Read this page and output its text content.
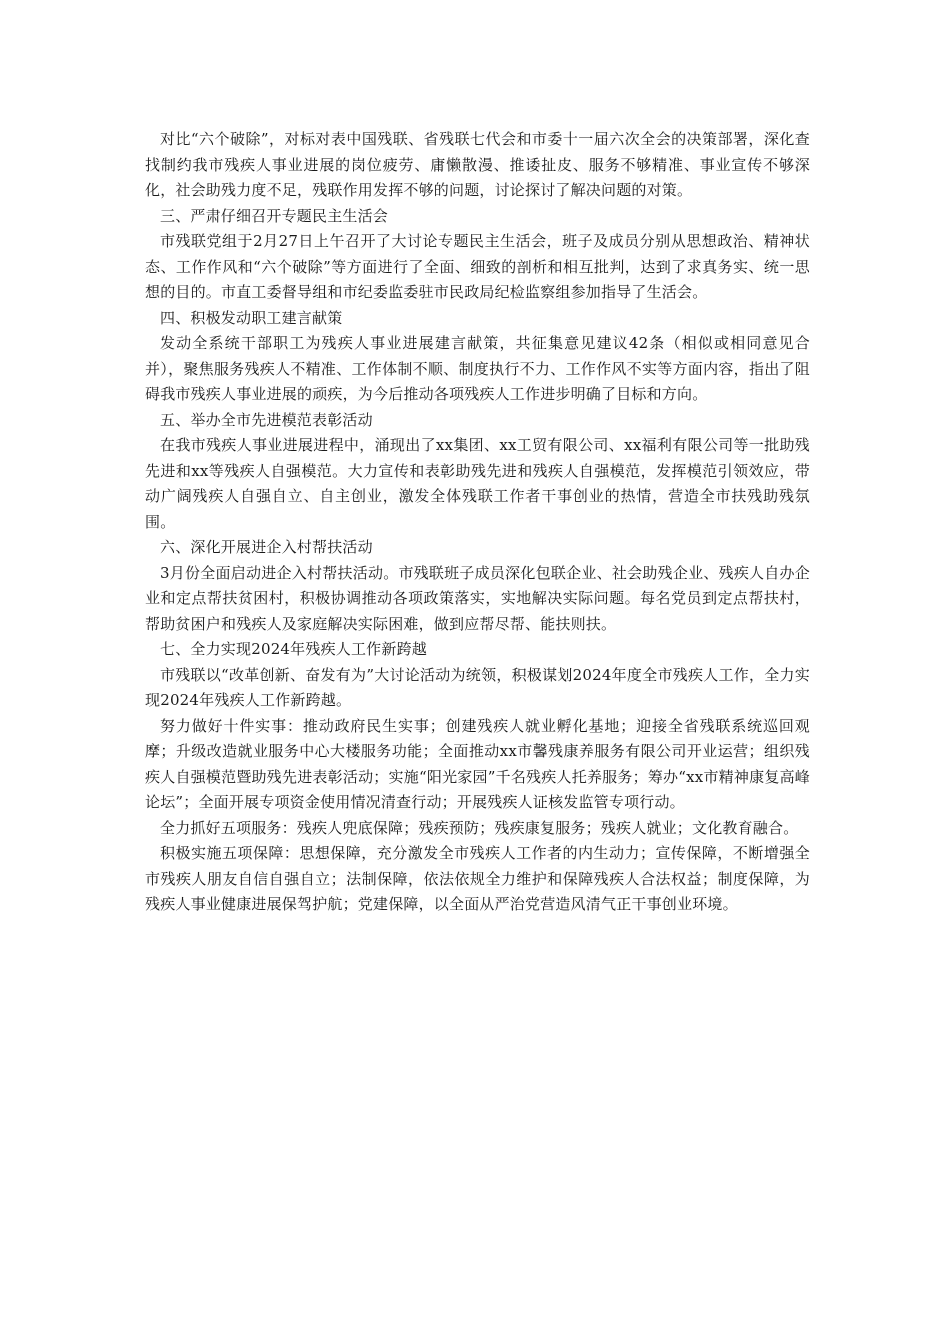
对比“六个破除”，对标对表中国残联、省残联七代会和市委十一届六次全会的决策部署，深化查找制约我市残疾人事业进展的岗位疲劳、庸懒散漫、推诿扯皮、服务不够精准、事业宣传不够深化，社会助残力度不足，残联作用发挥不够的问题，讨论探讨了解决问题的对策。

三、严肃仔细召开专题民主生活会

市残联党组于2月27日上午召开了大讨论专题民主生活会，班子及成员分别从思想政治、精神状态、工作作风和“六个破除”等方面进行了全面、细致的剖析和相互批判，达到了求真务实、统一思想的目的。市直工委督导组和市纪委监委驻市民政局纪检监察组参加指导了生活会。

四、积极发动职工建言献策

发动全系统干部职工为残疾人事业进展建言献策，共征集意见建议42条（相似或相同意见合并），聚焦服务残疾人不精准、工作体制不顺、制度执行不力、工作作风不实等方面内容，指出了阻碍我市残疾人事业进展的顽疾，为今后推动各项残疾人工作进步明确了目标和方向。

五、举办全市先进模范表彰活动

在我市残疾人事业进展进程中，涌现出了xx集团、xx工贸有限公司、xx福利有限公司等一批助残先进和xx等残疾人自强模范。大力宣传和表彰助残先进和残疾人自强模范，发挥模范引领效应，带动广阔残疾人自强自立、自主创业，激发全体残联工作者干事创业的热情，营造全市扶残助残氛围。

六、深化开展进企入村帮扶活动

3月份全面启动进企入村帮扶活动。市残联班子成员深化包联企业、社会助残企业、残疾人自办企业和定点帮扶贫困村，积极协调推动各项政策落实，实地解决实际问题。每名党员到定点帮扶村，帮助贫困户和残疾人及家庭解决实际困难，做到应帮尽帮、能扶则扶。

七、全力实现2024年残疾人工作新跨越

市残联以“改革创新、奋发有为”大讨论活动为统领，积极谋划2024年度全市残疾人工作，全力实现2024年残疾人工作新跨越。

努力做好十件实事：推动政府民生实事；创建残疾人就业孵化基地；迎接全省残联系统巡回观摩；升级改造就业服务中心大楼服务功能；全面推动xx市馨残康养服务有限公司开业运营；组织残疾人自强模范暨助残先进表彰活动；实施“阳光家园”千名残疾人托养服务；筹办“xx市精神康复高峰论坛”；全面开展专项资金使用情况清查行动；开展残疾人证核发监管专项行动。

全力抓好五项服务：残疾人兜底保障；残疾预防；残疾康复服务；残疾人就业；文化教育融合。

积极实施五项保障：思想保障，充分激发全市残疾人工作者的内生动力；宣传保障，不断增强全市残疾人朋友自信自强自立；法制保障，依法依规全力维护和保障残疾人合法权益；制度保障，为残疾人事业健康进展保驾护航；党建保障，以全面从严治党营造风清气正干事创业环境。
